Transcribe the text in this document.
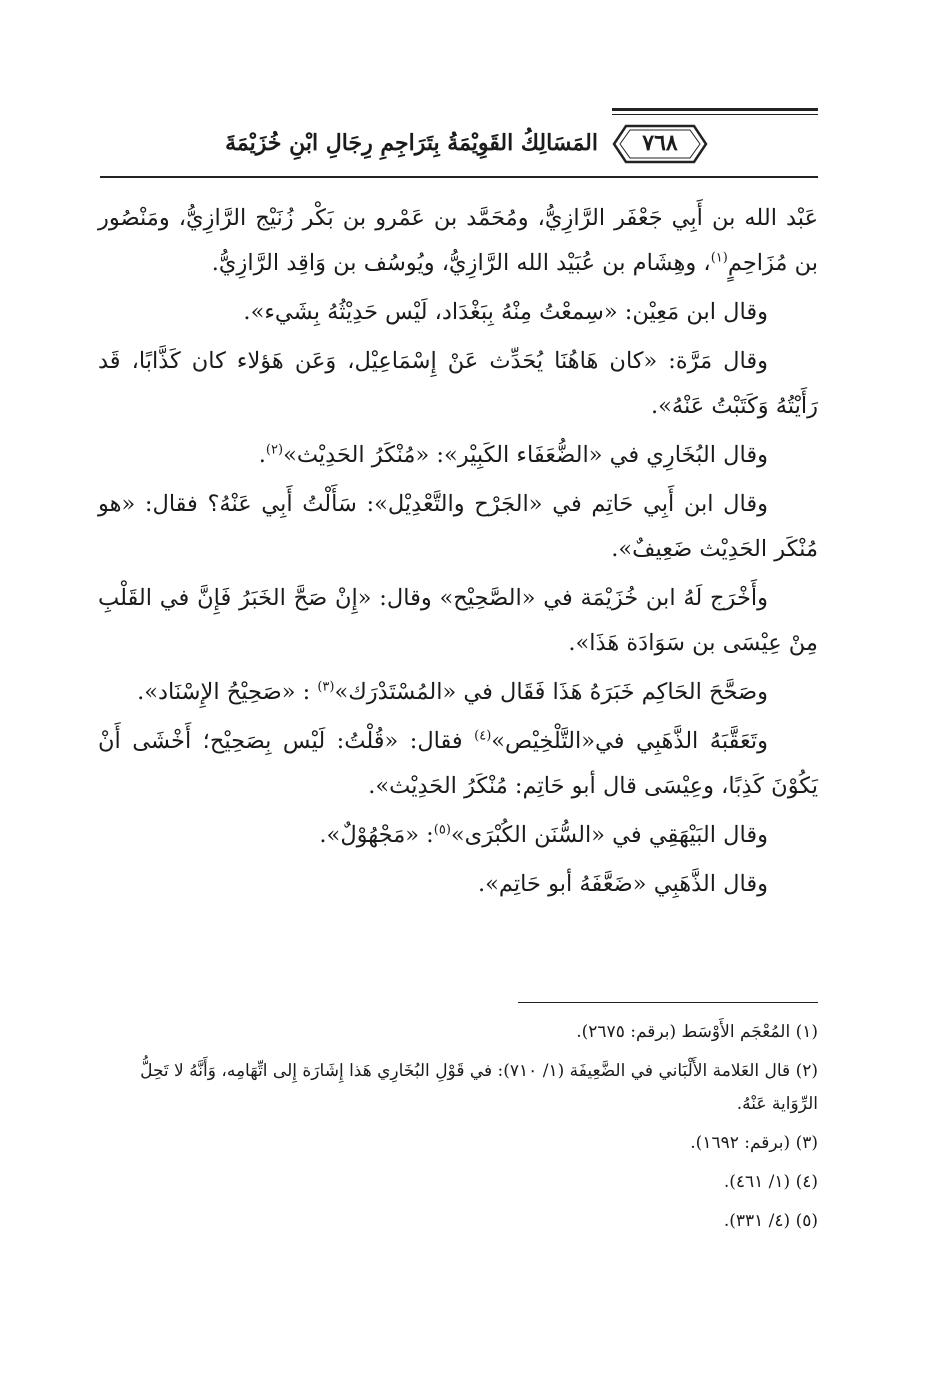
٧٦٨
المَسَالِكُ القَوِيْمَةُ بِتَرَاجِمِ رِجَالِ ابْنِ خُزَيْمَةَ

عَبْد الله بن أَبِي جَعْفَر الرَّازِيُّ، ومُحَمَّد بن عَمْرو بن بَكْر زُنَيْج الرَّازِيُّ، ومَنْصُور بن مُزَاحِمٍ$^{(١)}$، وهِشَام بن عُبَيْد الله الرَّازِيُّ، ويُوسُف بن وَاقِد الرَّازِيُّ.

وقال ابن مَعِيْن: «سِمعْتُ مِنْهُ بِبَغْدَاد، لَيْس حَدِيْثُهُ بِشَيء».

وقال مَرَّة: «كان هَاهُنَا يُحَدِّث عَنْ إِسْمَاعِيْل، وَعَن هَؤلاء كان كَذَّابًا، قَد رَأَيْتُهُ وَكَتَبْتُ عَنْهُ».

وقال البُخَارِي في «الضُّعَفَاء الكَبِيْر»: «مُنْكَرُ الحَدِيْث»$^{(٢)}$.

وقال ابن أَبِي حَاتِم في «الجَرْح والتَّعْدِيْل»: سَأَلْتُ أَبِي عَنْهُ؟ فقال: «هو مُنْكَر الحَدِيْث ضَعِيفٌ».

وأَخْرَج لَهُ ابن خُزَيْمَة في «الصَّحِيْح» وقال: «إِنْ صَحَّ الخَبَرُ فَإِنَّ في القَلْبِ مِنْ عِيْسَى بن سَوَادَة هَذَا».

وصَحَّحَ الحَاكِم خَبَرَهُ هَذَا فَقَال في «المُسْتَدْرَك»$^{(٣)}$ : «صَحِيْحُ الإِسْنَاد».

وتَعَقَّبَهُ الذَّهَبِي في«التَّلْخِيْص»$^{(٤)}$ فقال: «قُلْتُ: لَيْس بِصَحِيْح؛ أَخْشَى أَنْ يَكُوْنَ كَذِبًا، وعِيْسَى قال أبو حَاتِم: مُنْكَرُ الحَدِيْث».

وقال البَيْهَقِي في «السُّنَن الكُبْرَى»$^{(٥)}$: «مَجْهُوْلٌ».

وقال الذَّهَبِي «ضَعَّفَهُ أبو حَاتِم».

(١) المُعْجَم الأَوْسَط (برقم: ٢٦٧٥).

(٢) قال العَلامة الأَلْبَاني في الضَّعِيفَة (١/ ٧١٠): في قَوْلِ البُخَارِي هَذا إِشَارَة إِلى اتِّهَامِه، وَأَنَّهُ لا تَحِلُّ الرِّوَاية عَنْهُ.

(٣) (برقم: ١٦٩٢).

(٤) (١/ ٤٦١).

(٥) (٤/ ٣٣١).
